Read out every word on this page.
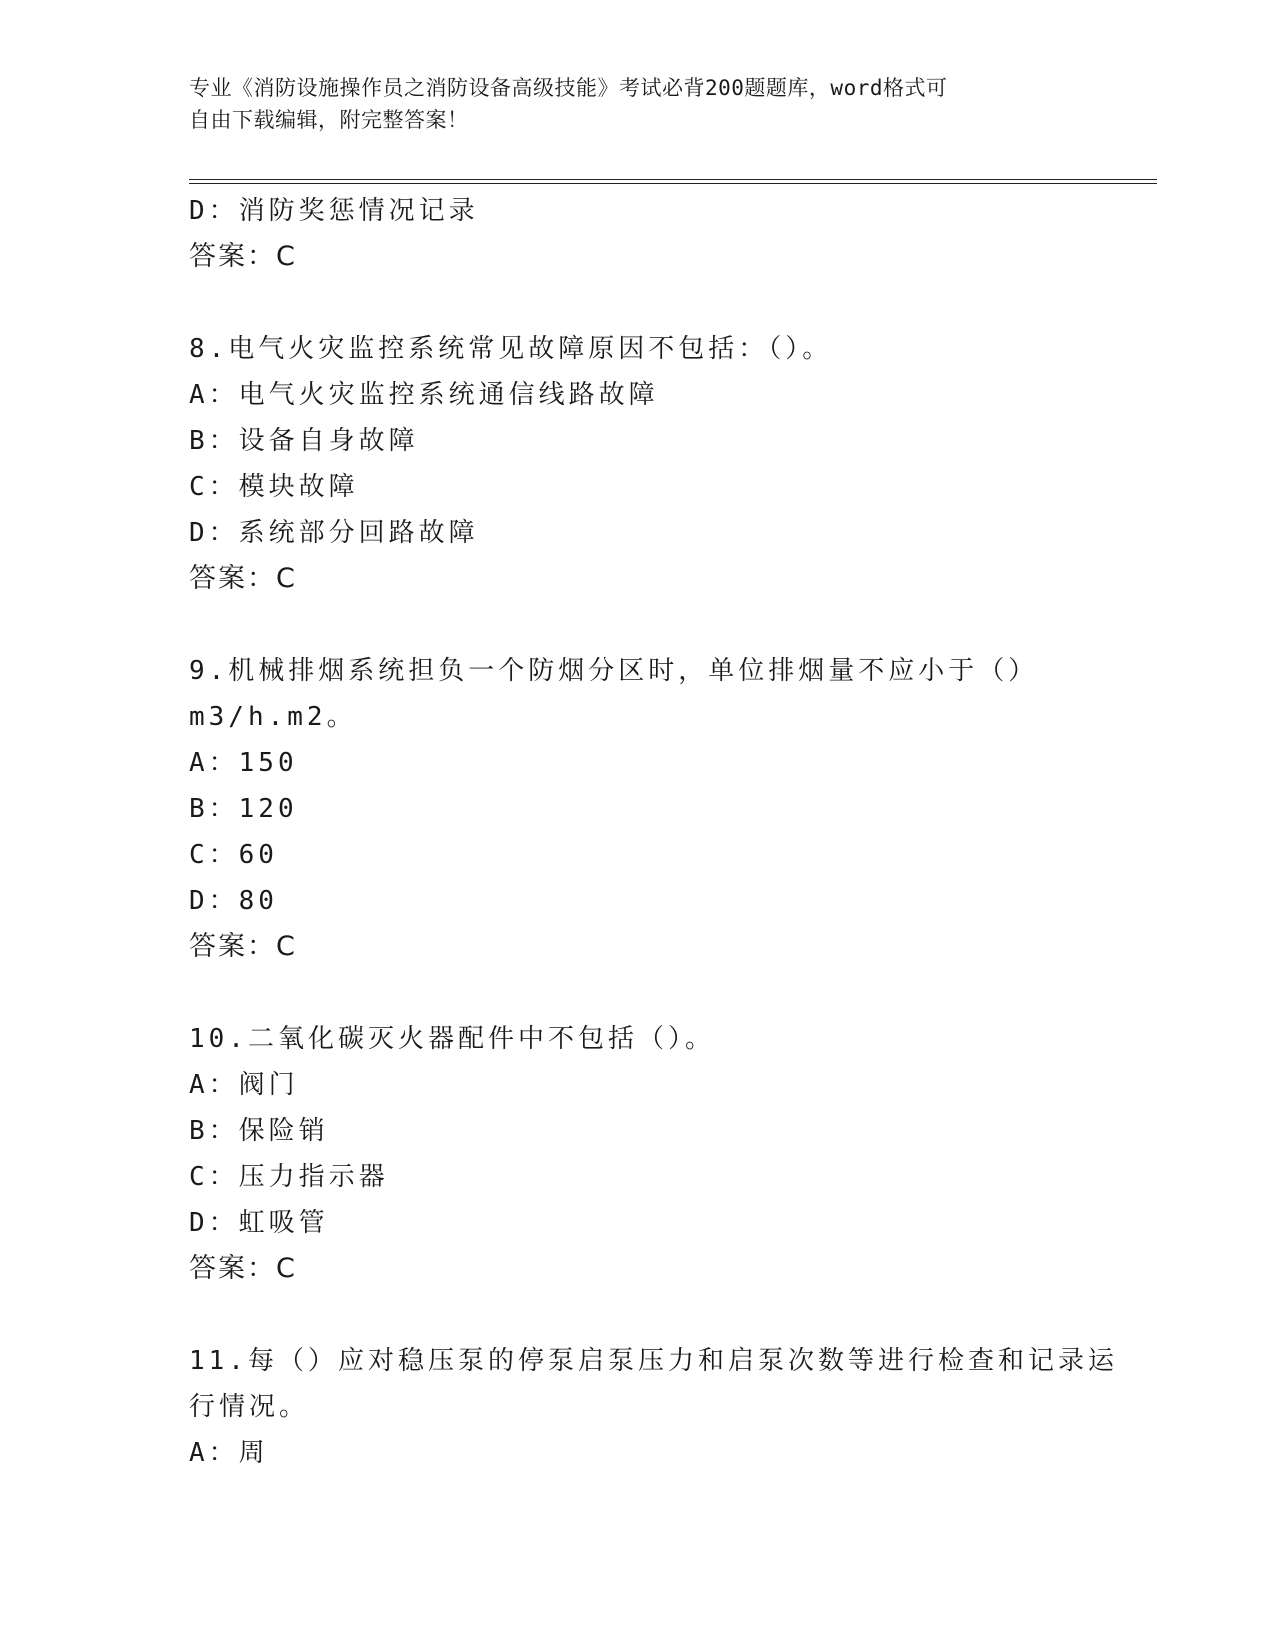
专业《消防设施操作员之消防设备高级技能》考试必背200题题库，word格式可
自由下载编辑，附完整答案！
D：消防奖惩情况记录
答案：C
8.电气火灾监控系统常见故障原因不包括：（）。
A：电气火灾监控系统通信线路故障
B：设备自身故障
C：模块故障
D：系统部分回路故障
答案：C
9.机械排烟系统担负一个防烟分区时，单位排烟量不应小于（）
m3/h.m2。
A：150
B：120
C：60
D：80
答案：C
10.二氧化碳灭火器配件中不包括（）。
A：阀门
B：保险销
C：压力指示器
D：虹吸管
答案：C
11.每（）应对稳压泵的停泵启泵压力和启泵次数等进行检查和记录运
行情况。
A：周
